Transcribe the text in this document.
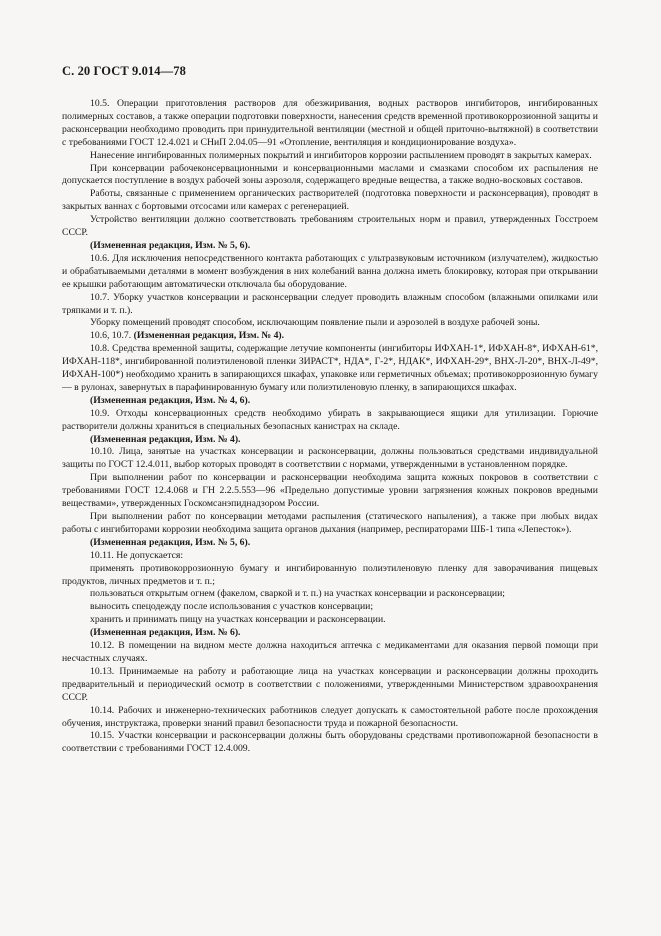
С. 20 ГОСТ 9.014—78

10.5. Операции приготовления растворов для обезжиривания, водных растворов ингибиторов, ингибированных полимерных составов, а также операции подготовки поверхности, нанесения средств временной противокоррозионной защиты и расконсервации необходимо проводить при принудительной вентиляции (местной и общей приточно-вытяжной) в соответствии с требованиями ГОСТ 12.4.021 и СНиП 2.04.05—91 «Отопление, вентиляция и кондиционирование воздуха».

Нанесение ингибированных полимерных покрытий и ингибиторов коррозии распылением проводят в закрытых камерах.

При консервации рабочеконсервационными и консервационными маслами и смазками способом их распыления не допускается поступление в воздух рабочей зоны аэрозоля, содержащего вредные вещества, а также водно-восковых составов.

Работы, связанные с применением органических растворителей (подготовка поверхности и расконсервация), проводят в закрытых ваннах с бортовыми отсосами или камерах с регенерацией.

Устройство вентиляции должно соответствовать требованиям строительных норм и правил, утвержденных Госстроем СССР.

(Измененная редакция, Изм. № 5, 6).

10.6. Для исключения непосредственного контакта работающих с ультразвуковым источником (излучателем), жидкостью и обрабатываемыми деталями в момент возбуждения в них колебаний ванна должна иметь блокировку, которая при открывании ее крышки работающим автоматически отключала бы оборудование.

10.7. Уборку участков консервации и расконсервации следует проводить влажным способом (влажными опилками или тряпками и т. п.).

Уборку помещений проводят способом, исключающим появление пыли и аэрозолей в воздухе рабочей зоны.

10.6, 10.7. (Измененная редакция, Изм. № 4).

10.8. Средства временной защиты, содержащие летучие компоненты (ингибиторы ИФХАН-1*, ИФХАН-8*, ИФХАН-61*, ИФХАН-118*, ингибированной полиэтиленовой пленки ЗИРАСТ*, НДА*, Г-2*, НДАК*, ИФХАН-29*, ВНХ-Л-20*, ВНХ-Л-49*, ИФХАН-100*) необходимо хранить в запирающихся шкафах, упаковке или герметичных объемах; противокоррозионную бумагу — в рулонах, завернутых в парафинированную бумагу или полиэтиленовую пленку, в запирающихся шкафах.

(Измененная редакция, Изм. № 4, 6).

10.9. Отходы консервационных средств необходимо убирать в закрывающиеся ящики для утилизации. Горючие растворители должны храниться в специальных безопасных канистрах на складе.

(Измененная редакция, Изм. № 4).

10.10. Лица, занятые на участках консервации и расконсервации, должны пользоваться средствами индивидуальной защиты по ГОСТ 12.4.011, выбор которых проводят в соответствии с нормами, утвержденными в установленном порядке.

При выполнении работ по консервации и расконсервации необходима защита кожных покровов в соответствии с требованиями ГОСТ 12.4.068 и ГН 2.2.5.553—96 «Предельно допустимые уровни загрязнения кожных покровов вредными веществами», утвержденных Госкомсанэпиднадзором России.

При выполнении работ по консервации методами распыления (статического напыления), а также при любых видах работы с ингибиторами коррозии необходима защита органов дыхания (например, респираторами ШБ-1 типа «Лепесток»).

(Измененная редакция, Изм. № 5, 6).

10.11. Не допускается:

применять противокоррозионную бумагу и ингибированную полиэтиленовую пленку для заворачивания пищевых продуктов, личных предметов и т. п.;

пользоваться открытым огнем (факелом, сваркой и т. п.) на участках консервации и расконсервации;

выносить спецодежду после использования с участков консервации;

хранить и принимать пищу на участках консервации и расконсервации.

(Измененная редакция, Изм. № 6).

10.12. В помещении на видном месте должна находиться аптечка с медикаментами для оказания первой помощи при несчастных случаях.

10.13. Принимаемые на работу и работающие лица на участках консервации и расконсервации должны проходить предварительный и периодический осмотр в соответствии с положениями, утвержденными Министерством здравоохранения СССР.

10.14. Рабочих и инженерно-технических работников следует допускать к самостоятельной работе после прохождения обучения, инструктажа, проверки знаний правил безопасности труда и пожарной безопасности.

10.15. Участки консервации и расконсервации должны быть оборудованы средствами противопожарной безопасности в соответствии с требованиями ГОСТ 12.4.009.
